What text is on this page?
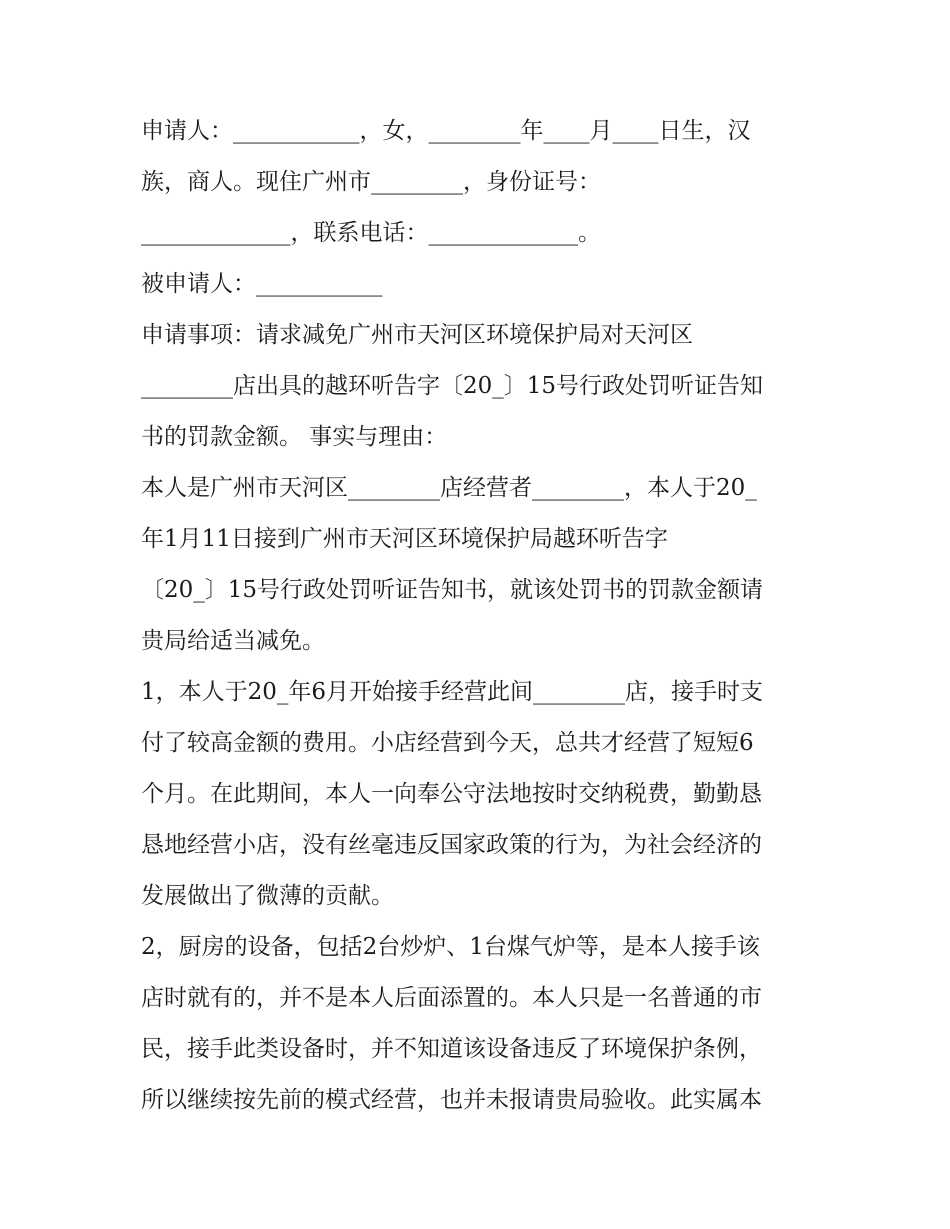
申请人：___________，女，________年____月____日生，汉
族，商人。现住广州市________，身份证号：
_____________，联系电话：_____________。
被申请人：___________
申请事项：请求减免广州市天河区环境保护局对天河区
________店出具的越环听告字〔20_〕15号行政处罚听证告知
书的罚款金额。 事实与理由：
本人是广州市天河区________店经营者________，本人于20_
年1月11日接到广州市天河区环境保护局越环听告字
〔20_〕15号行政处罚听证告知书，就该处罚书的罚款金额请
贵局给适当减免。
1，本人于20_年6月开始接手经营此间________店，接手时支
付了较高金额的费用。小店经营到今天，总共才经营了短短6
个月。在此期间，本人一向奉公守法地按时交纳税费，勤勤恳
恳地经营小店，没有丝毫违反国家政策的行为，为社会经济的
发展做出了微薄的贡献。
2，厨房的设备，包括2台炒炉、1台煤气炉等，是本人接手该
店时就有的，并不是本人后面添置的。本人只是一名普通的市
民，接手此类设备时，并不知道该设备违反了环境保护条例，
所以继续按先前的模式经营，也并未报请贵局验收。此实属本
